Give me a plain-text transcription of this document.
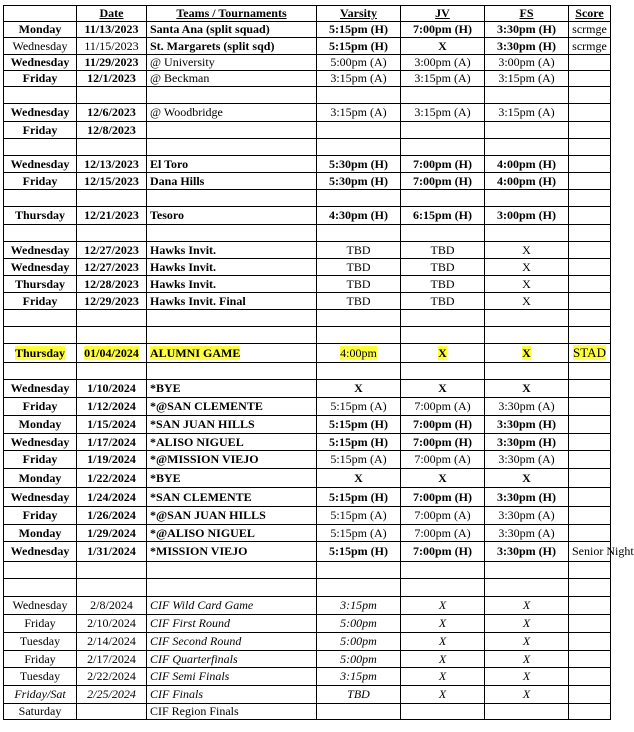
	Date	Teams / Tournaments	Varsity	JV	FS	Score
Monday	11/13/2023	Santa Ana (split squad)	5:15pm (H)	7:00pm (H)	3:30pm (H)	scrmge
Wednesday	11/15/2023	St. Margarets (split sqd)	5:15pm (H)	X	3:30pm (H)	scrmge
Wednesday	11/29/2023	@ University	5:00pm (A)	3:00pm (A)	3:00pm (A)	
Friday	12/1/2023	@ Beckman	3:15pm (A)	3:15pm (A)	3:15pm (A)	

Wednesday	12/6/2023	@ Woodbridge	3:15pm (A)	3:15pm (A)	3:15pm (A)	
Friday	12/8/2023					

Wednesday	12/13/2023	El Toro	5:30pm (H)	7:00pm (H)	4:00pm (H)	
Friday	12/15/2023	Dana Hills	5:30pm (H)	7:00pm (H)	4:00pm (H)	

Thursday	12/21/2023	Tesoro	4:30pm (H)	6:15pm (H)	3:00pm (H)	

Wednesday	12/27/2023	Hawks Invit.	TBD	TBD	X	
Wednesday	12/27/2023	Hawks Invit.	TBD	TBD	X	
Thursday	12/28/2023	Hawks Invit.	TBD	TBD	X	
Friday	12/29/2023	Hawks Invit. Final	TBD	TBD	X	

Thursday	01/04/2024	ALUMNI GAME	4:00pm	X	X	STAD

Wednesday	1/10/2024	*BYE	X	X	X	
Friday	1/12/2024	*@SAN CLEMENTE	5:15pm (A)	7:00pm (A)	3:30pm (A)	
Monday	1/15/2024	*SAN JUAN HILLS	5:15pm (H)	7:00pm (H)	3:30pm (H)	
Wednesday	1/17/2024	*ALISO NIGUEL	5:15pm (H)	7:00pm (H)	3:30pm (H)	
Friday	1/19/2024	*@MISSION VIEJO	5:15pm (A)	7:00pm (A)	3:30pm (A)	
Monday	1/22/2024	*BYE	X	X	X	
Wednesday	1/24/2024	*SAN CLEMENTE	5:15pm (H)	7:00pm (H)	3:30pm (H)	
Friday	1/26/2024	*@SAN JUAN HILLS	5:15pm (A)	7:00pm (A)	3:30pm (A)	
Monday	1/29/2024	*@ALISO NIGUEL	5:15pm (A)	7:00pm (A)	3:30pm (A)	
Wednesday	1/31/2024	*MISSION VIEJO	5:15pm (H)	7:00pm (H)	3:30pm (H)	Senior Night

Wednesday	2/8/2024	CIF Wild Card Game	3:15pm	X	X	
Friday	2/10/2024	CIF First Round	5:00pm	X	X	
Tuesday	2/14/2024	CIF Second Round	5:00pm	X	X	
Friday	2/17/2024	CIF Quarterfinals	5:00pm	X	X	
Tuesday	2/22/2024	CIF Semi Finals	3:15pm	X	X	
Friday/Sat	2/25/2024	CIF Finals	TBD	X	X	
Saturday		CIF Region Finals				
